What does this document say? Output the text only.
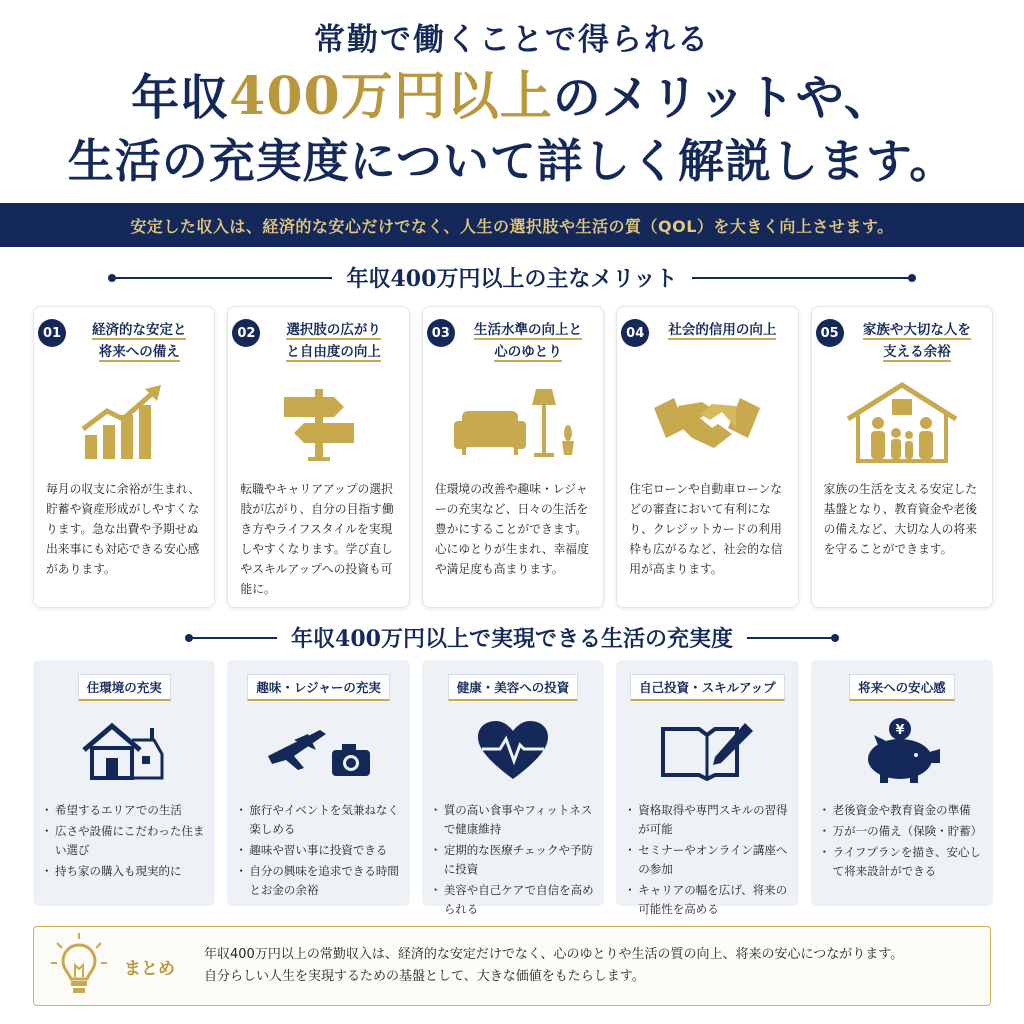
常勤で働くことで得られる
年収400万円以上のメリットや、
生活の充実度について詳しく解説します。
安定した収入は、経済的な安心だけでなく、人生の選択肢や生活の質（QOL）を大きく向上させます。
年収400万円以上の主なメリット
01	経済的な安定と
将来への備え
毎月の収支に余裕が生まれ、貯蓄や資産形成がしやすくなります。急な出費や予期せぬ出来事にも対応できる安心感があります。
02	選択肢の広がり
と自由度の向上
転職やキャリアアップの選択肢が広がり、自分の目指す働き方やライフスタイルを実現しやすくなります。学び直しやスキルアップへの投資も可能に。
03	生活水準の向上と
心のゆとり
住環境の改善や趣味・レジャーの充実など、日々の生活を豊かにすることができます。心にゆとりが生まれ、幸福度や満足度も高まります。
04	社会的信用の向上
住宅ローンや自動車ローンなどの審査において有利になり、クレジットカードの利用枠も広がるなど、社会的な信用が高まります。
05	家族や大切な人を
支える余裕
家族の生活を支える安定した基盤となり、教育資金や老後の備えなど、大切な人の将来を守ることができます。
年収400万円以上で実現できる生活の充実度
住環境の充実
・ 希望するエリアでの生活
・ 広さや設備にこだわった住まい選び
・ 持ち家の購入も現実的に
趣味・レジャーの充実
・ 旅行やイベントを気兼ねなく楽しめる
・ 趣味や習い事に投資できる
・ 自分の興味を追求できる時間とお金の余裕
健康・美容への投資
・ 質の高い食事やフィットネスで健康維持
・ 定期的な医療チェックや予防に投資
・ 美容や自己ケアで自信を高められる
自己投資・スキルアップ
・ 資格取得や専門スキルの習得が可能
・ セミナーやオンライン講座への参加
・ キャリアの幅を広げ、将来の可能性を高める
将来への安心感
¥
・ 老後資金や教育資金の準備
・ 万が一の備え（保険・貯蓄）
・ ライフプランを描き、安心して将来設計ができる
まとめ
年収400万円以上の常勤収入は、経済的な安定だけでなく、心のゆとりや生活の質の向上、将来の安心につながります。
自分らしい人生を実現するための基盤として、大きな価値をもたらします。
